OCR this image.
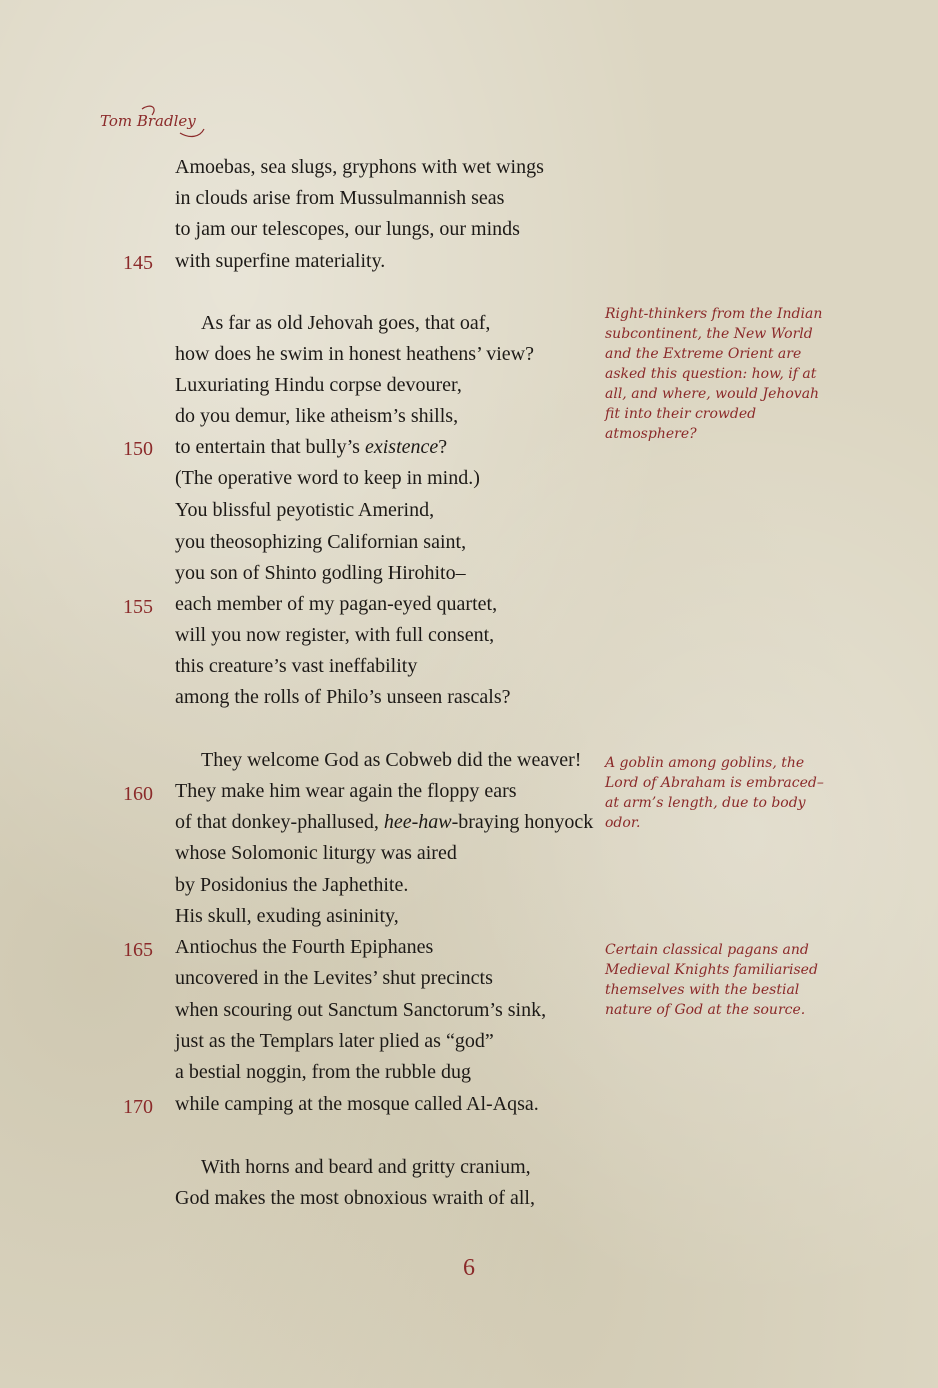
Tom Bradley
Amoebas, sea slugs, gryphons with wet wings
in clouds arise from Mussulmannish seas
to jam our telescopes, our lungs, our minds
145 with superfine materiality.
As far as old Jehovah goes, that oaf,
how does he swim in honest heathens’ view?
Luxuriating Hindu corpse devourer,
do you demur, like atheism’s shills,
150 to entertain that bully’s existence?
(The operative word to keep in mind.)
You blissful peyotistic Amerind,
you theosophizing Californian saint,
you son of Shinto godling Hirohito–
155 each member of my pagan-eyed quartet,
will you now register, with full consent,
this creature’s vast ineffability
among the rolls of Philo’s unseen rascals?
Right-thinkers from the Indian subcontinent, the New World and the Extreme Orient are asked this question: how, if at all, and where, would Jehovah fit into their crowded atmosphere?
They welcome God as Cobweb did the weaver!
160 They make him wear again the floppy ears
of that donkey-phallused, hee-haw-braying honyock
whose Solomonic liturgy was aired
by Posidonius the Japhethite.
His skull, exuding asininity,
165 Antiochus the Fourth Epiphanes
uncovered in the Levites’ shut precincts
when scouring out Sanctum Sanctorum’s sink,
just as the Templars later plied as “god”
a bestial noggin, from the rubble dug
170 while camping at the mosque called Al-Aqsa.
A goblin among goblins, the Lord of Abraham is embraced–at arm’s length, due to body odor.
Certain classical pagans and Medieval Knights familiarised themselves with the bestial nature of God at the source.
With horns and beard and gritty cranium,
God makes the most obnoxious wraith of all,
6
